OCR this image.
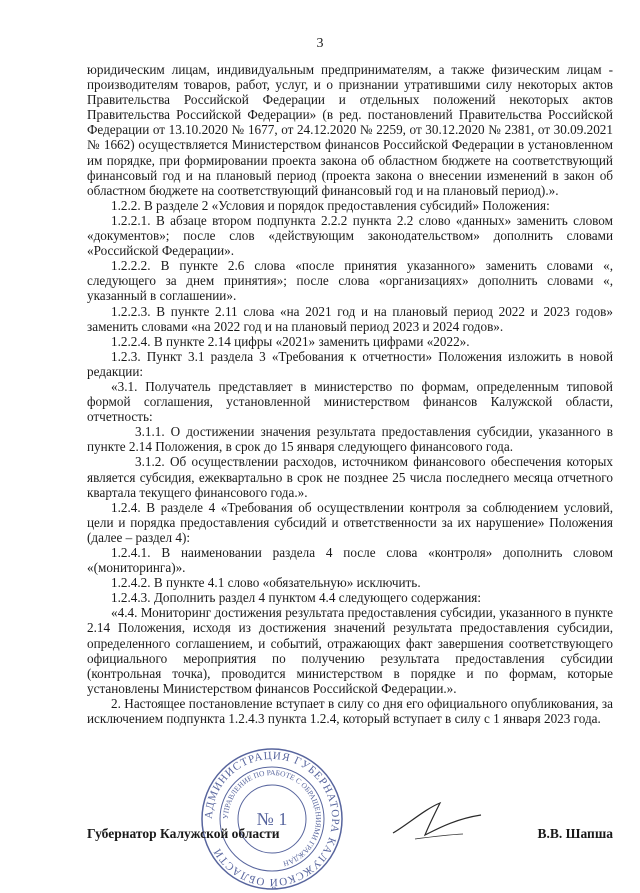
3

юридическим лицам, индивидуальным предпринимателям, а также физическим лицам - производителям товаров, работ, услуг, и о признании утратившими силу некоторых актов Правительства Российской Федерации и отдельных положений некоторых актов Правительства Российской Федерации» (в ред. постановлений Правительства Российской Федерации от 13.10.2020 № 1677, от 24.12.2020 № 2259, от 30.12.2020 № 2381, от 30.09.2021 № 1662) осуществляется Министерством финансов Российской Федерации в установленном им порядке, при формировании проекта закона об областном бюджете на соответствующий финансовый год и на плановый период (проекта закона о внесении изменений в закон об областном бюджете на соответствующий финансовый год и на плановый период).».

1.2.2. В разделе 2 «Условия и порядок предоставления субсидий» Положения:

1.2.2.1. В абзаце втором подпункта 2.2.2 пункта 2.2 слово «данных» заменить словом «документов»; после слов «действующим законодательством» дополнить словами «Российской Федерации».

1.2.2.2. В пункте 2.6 слова «после принятия указанного» заменить словами «, следующего за днем принятия»; после слова «организациях» дополнить словами «, указанный в соглашении».

1.2.2.3. В пункте 2.11 слова «на 2021 год и на плановый период 2022 и 2023 годов» заменить словами «на 2022 год и на плановый период 2023 и 2024 годов».

1.2.2.4. В пункте 2.14 цифры «2021» заменить цифрами «2022».

1.2.3. Пункт 3.1 раздела 3 «Требования к отчетности» Положения изложить в новой редакции:

«3.1. Получатель представляет в министерство по формам, определенным типовой формой соглашения, установленной министерством финансов Калужской области, отчетность:

3.1.1. О достижении значения результата предоставления субсидии, указанного в пункте 2.14 Положения, в срок до 15 января следующего финансового года.

3.1.2. Об осуществлении расходов, источником финансового обеспечения которых является субсидия, ежеквартально в срок не позднее 25 числа последнего месяца отчетного квартала текущего финансового года.».

1.2.4. В разделе 4 «Требования об осуществлении контроля за соблюдением условий, цели и порядка предоставления субсидий и ответственности за их нарушение» Положения (далее – раздел 4):

1.2.4.1. В наименовании раздела 4 после слова «контроля» дополнить словом «(мониторинга)».

1.2.4.2. В пункте 4.1 слово «обязательную» исключить.

1.2.4.3. Дополнить раздел 4 пунктом 4.4 следующего содержания:

«4.4. Мониторинг достижения результата предоставления субсидии, указанного в пункте 2.14 Положения, исходя из достижения значений результата предоставления субсидии, определенного соглашением, и событий, отражающих факт завершения соответствующего официального мероприятия по получению результата предоставления субсидии (контрольная точка), проводится министерством в порядке и по формам, которые установлены Министерством финансов Российской Федерации.».

2. Настоящее постановление вступает в силу со дня его официального опубликования, за исключением подпункта 1.2.4.3 пункта 1.2.4, который вступает в силу с 1 января 2023 года.

АДМИНИСТРАЦИЯ ГУБЕРНАТОРА КАЛУЖСКОЙ ОБЛАСТИ
УПРАВЛЕНИЕ ПО РАБОТЕ С ОБРАЩЕНИЯМИ ГРАЖДАН
№ 1
Губернатор Калужской области	В.В. Шапша
